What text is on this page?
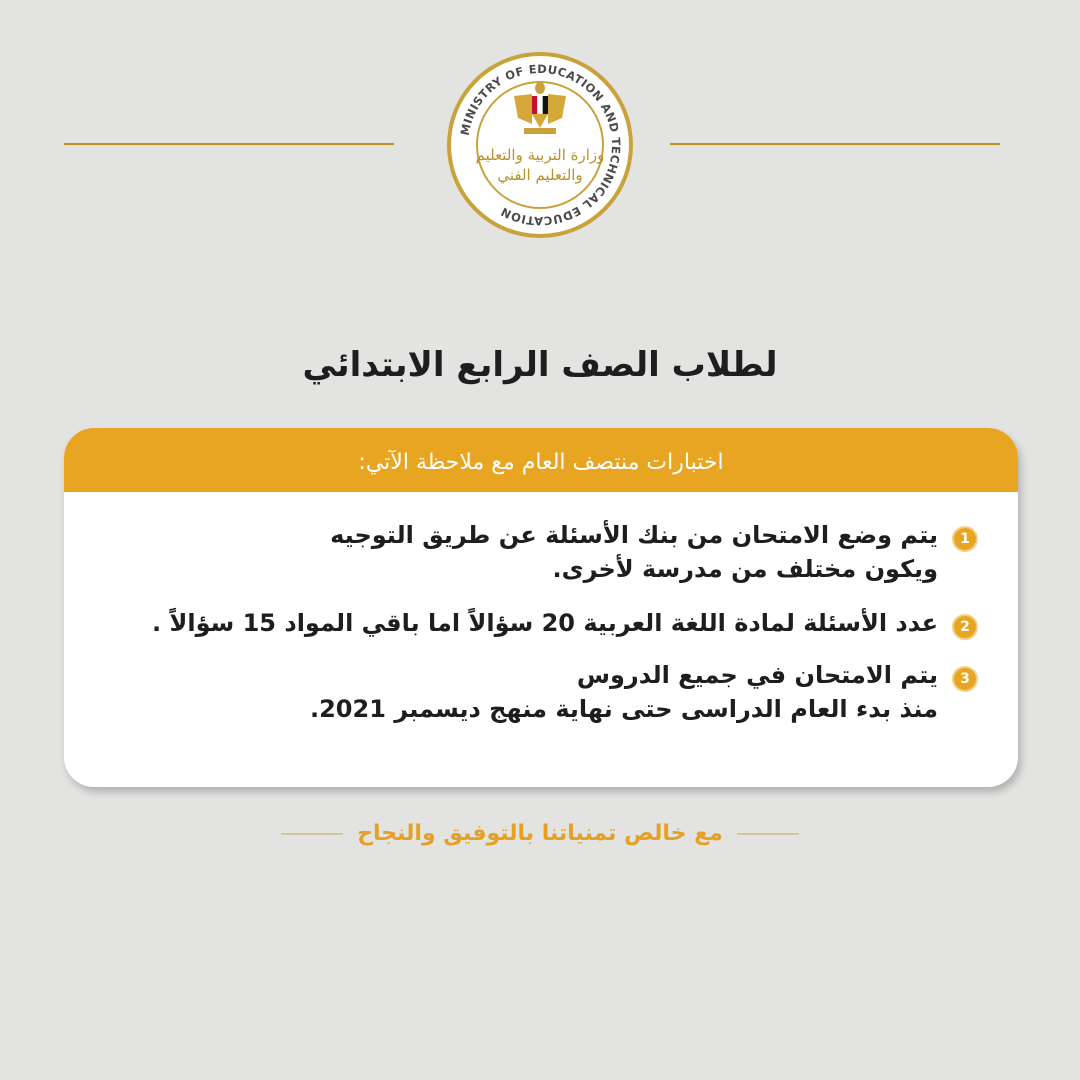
MINISTRY OF EDUCATION AND TECHNICAL EDUCATION
وزارة التربية والتعليم
والتعليم الفني
لطلاب الصف الرابع الابتدائي
اختبارات منتصف العام مع ملاحظة الآتي:
1
يتم وضع الامتحان من بنك الأسئلة عن طريق التوجيه
ويكون مختلف من مدرسة لأخرى.
2
عدد الأسئلة لمادة اللغة العربية 20 سؤالاً اما باقي المواد 15 سؤالاً .
3
يتم الامتحان في جميع الدروس
منذ بدء العام الدراسى حتى نهاية منهج ديسمبر 2021.
مع خالص تمنياتنا بالتوفيق والنجاح
